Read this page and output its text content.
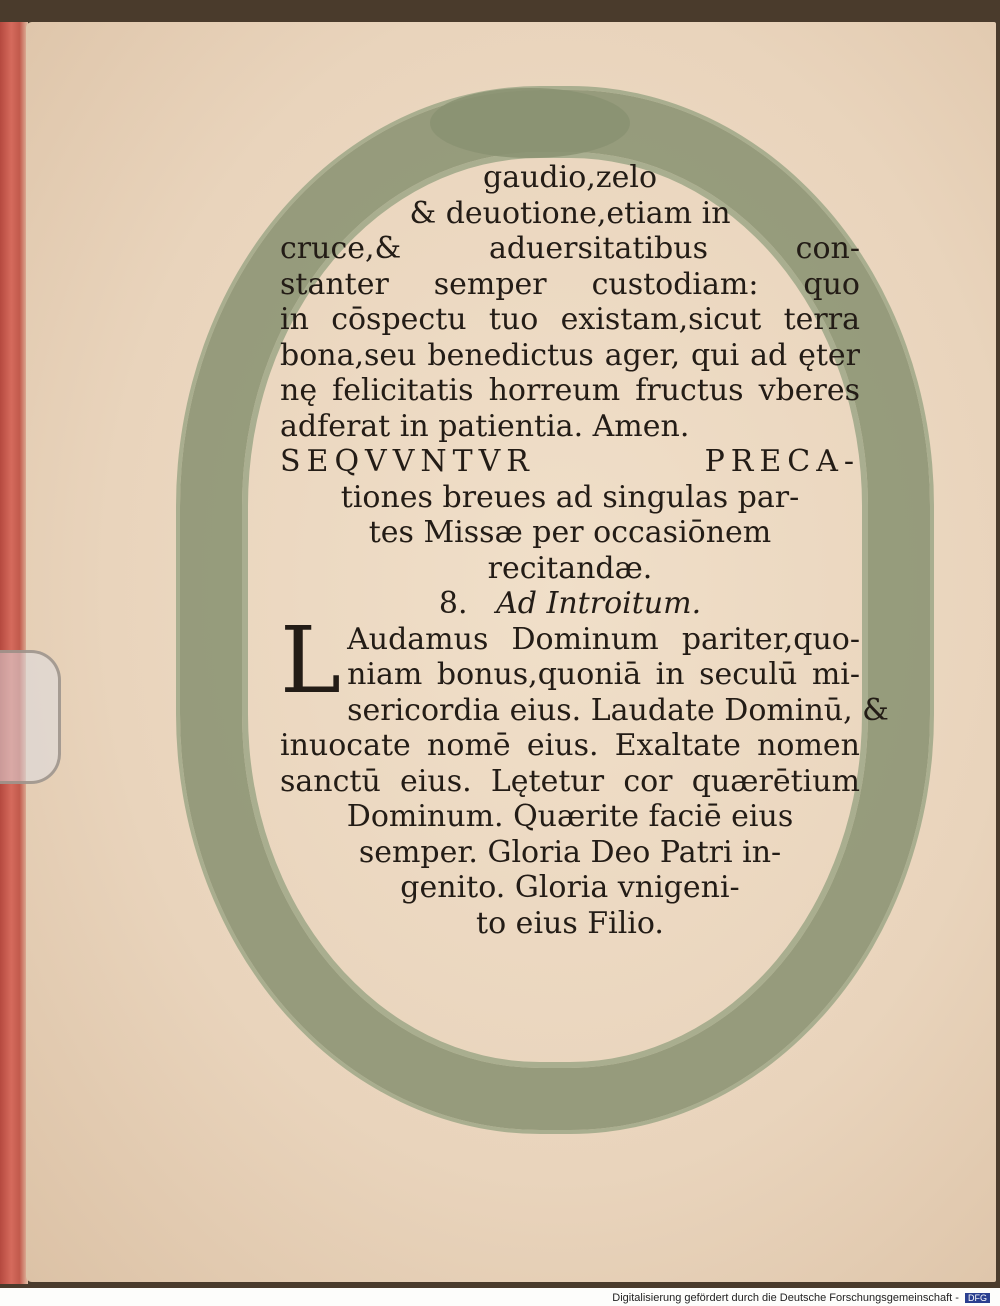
gaudio,zelo
& deuotione,etiam in
cruce,& aduersitatibus con-
stanter semper custodiam: quo
in cōspectu tuo existam,sicut terra
bona,seu benedictus ager, qui ad ęter
nę felicitatis horreum fructus vberes
adferat in patientia. Amen.
SEQVVNTVR PRECA-
tiones breues ad singulas par-
tes Missæ per occasiōnem
recitandæ.
8. Ad Introitum.
L Audamus Dominum pariter,quo-
niam bonus,quoniā in seculū mi-
sericordia eius. Laudate Dominū, &
inuocate nomē eius. Exaltate nomen
sanctū eius. Lętetur cor quærētium
Dominum. Quærite faciē eius
semper. Gloria Deo Patri in-
genito. Gloria vnigeni-
to eius Filio.
Digitalisierung gefördert durch die Deutsche Forschungsgemeinschaft - DFG
